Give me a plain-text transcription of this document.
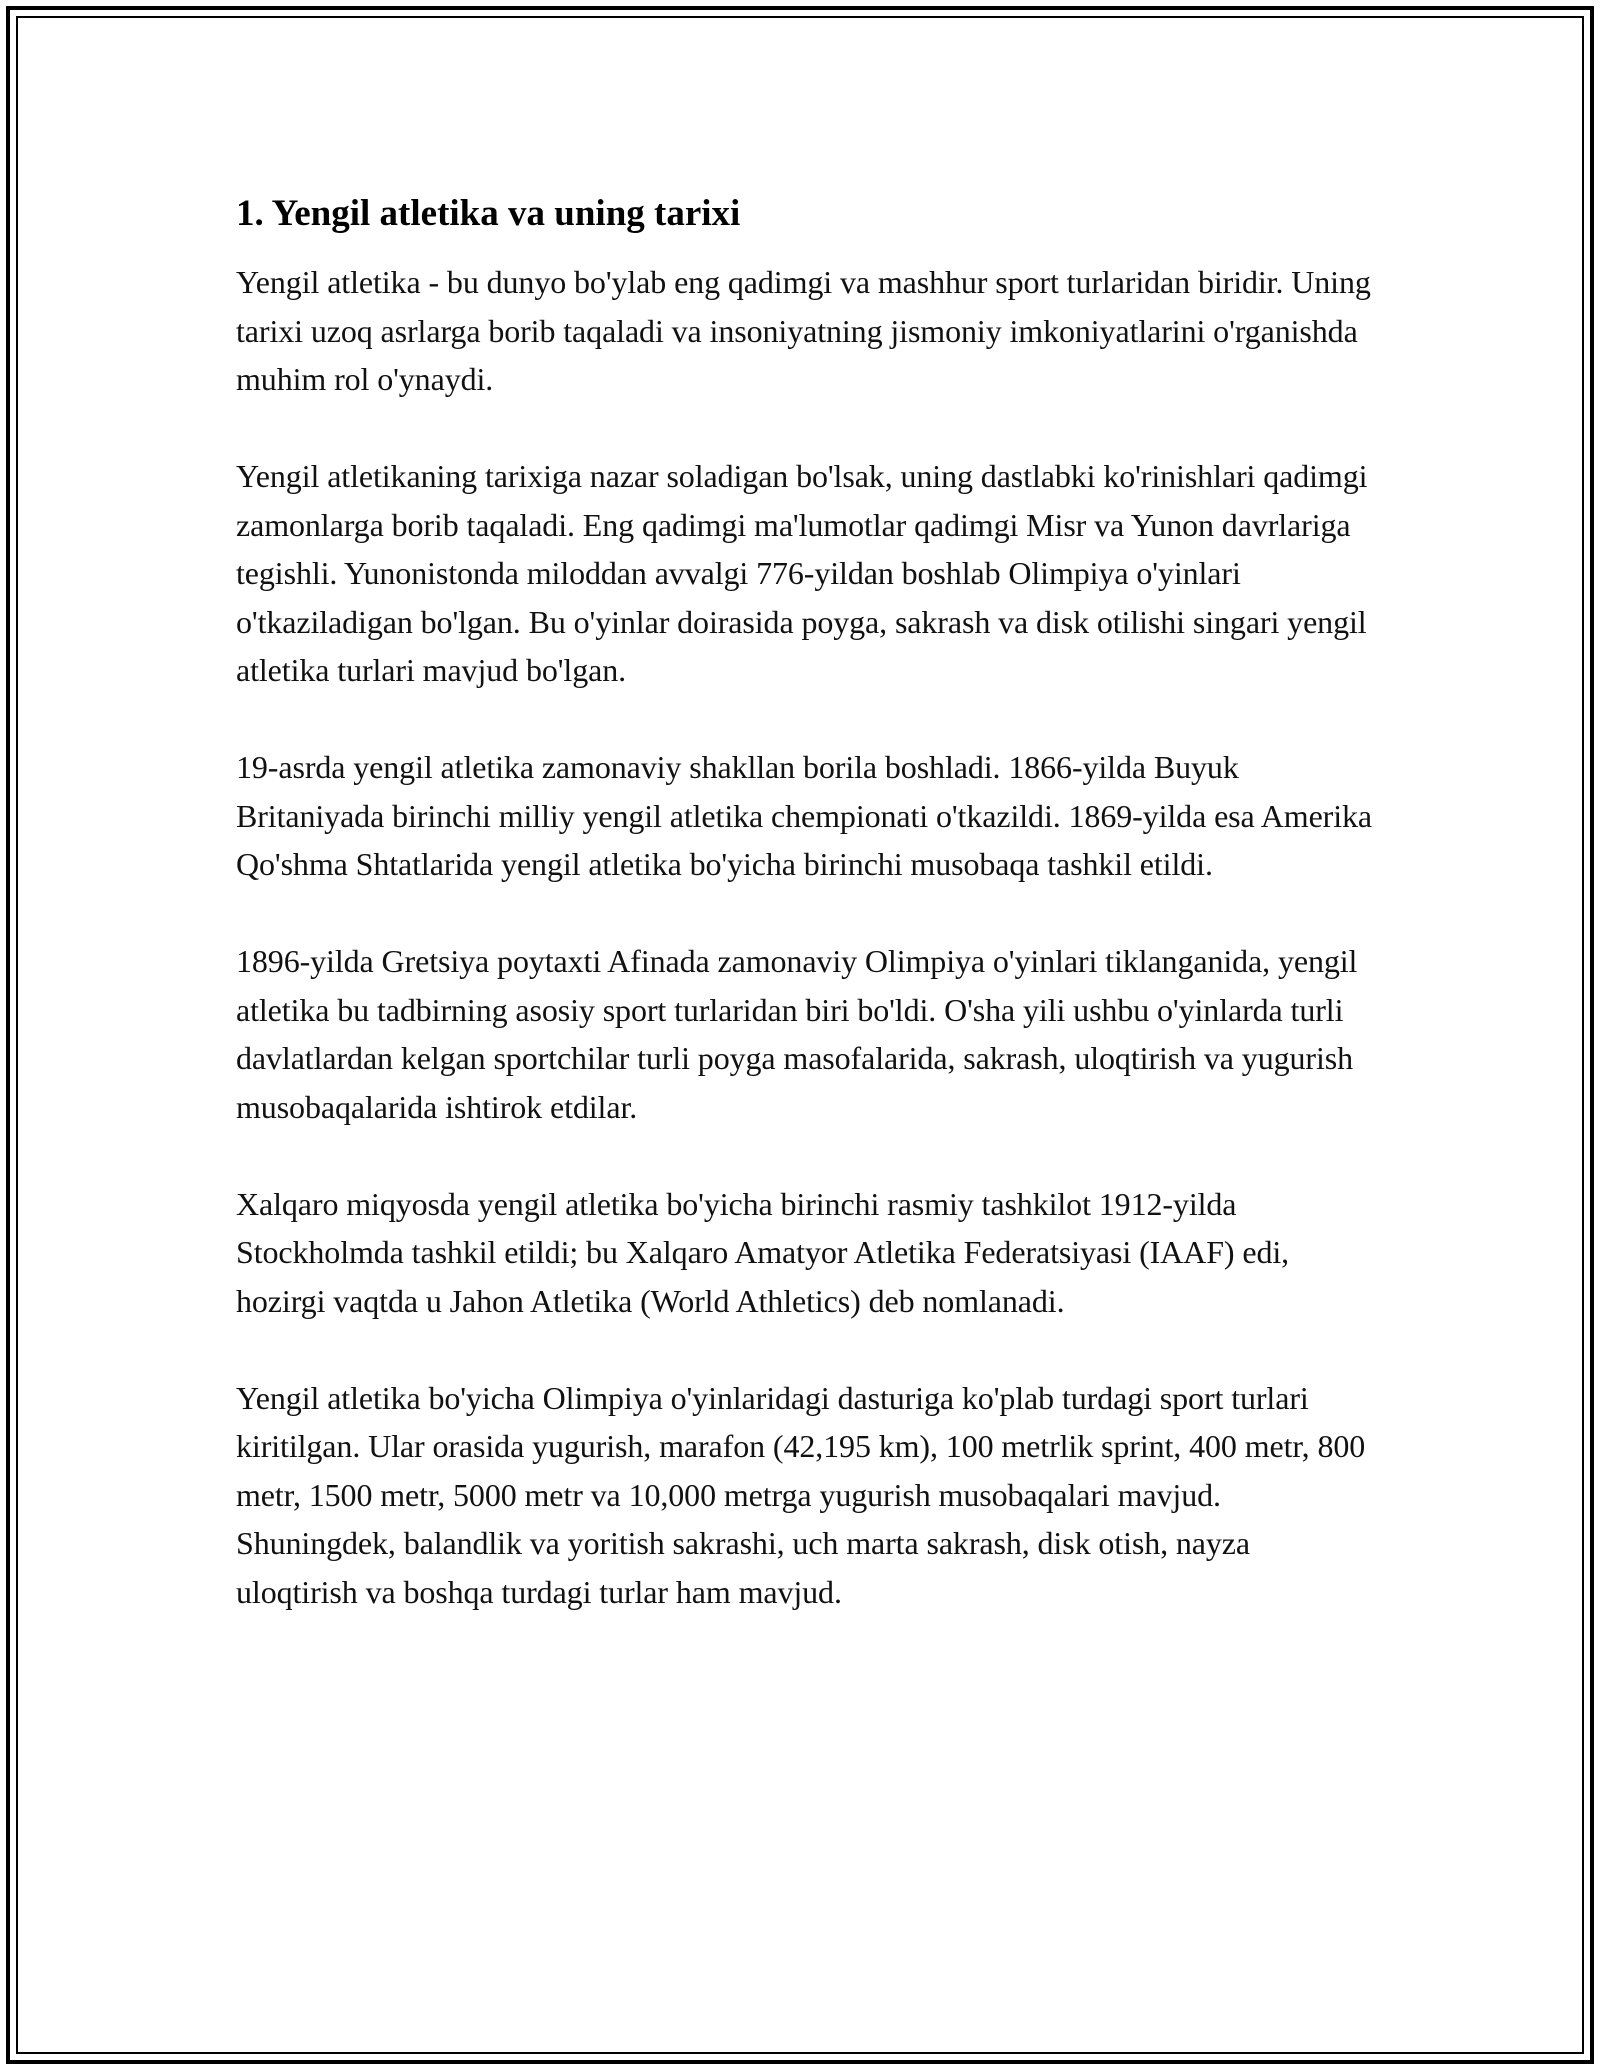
1. Yengil atletika va uning tarixi

Yengil atletika - bu dunyo bo'ylab eng qadimgi va mashhur sport turlaridan biridir. Uning tarixi uzoq asrlarga borib taqaladi va insoniyatning jismoniy imkoniyatlarini o'rganishda muhim rol o'ynaydi.

Yengil atletikaning tarixiga nazar soladigan bo'lsak, uning dastlabki ko'rinishlari qadimgi zamonlarga borib taqaladi. Eng qadimgi ma'lumotlar qadimgi Misr va Yunon davrlariga tegishli. Yunonistonda miloddan avvalgi 776-yildan boshlab Olimpiya o'yinlari o'tkaziladigan bo'lgan. Bu o'yinlar doirasida poyga, sakrash va disk otilishi singari yengil atletika turlari mavjud bo'lgan.

19-asrda yengil atletika zamonaviy shakllan borila boshladi. 1866-yilda Buyuk Britaniyada birinchi milliy yengil atletika chempionati o'tkazildi. 1869-yilda esa Amerika Qo'shma Shtatlarida yengil atletika bo'yicha birinchi musobaqa tashkil etildi.

1896-yilda Gretsiya poytaxti Afinada zamonaviy Olimpiya o'yinlari tiklanganida, yengil atletika bu tadbirning asosiy sport turlaridan biri bo'ldi. O'sha yili ushbu o'yinlarda turli davlatlardan kelgan sportchilar turli poyga masofalarida, sakrash, uloqtirish va yugurish musobaqalarida ishtirok etdilar.

Xalqaro miqyosda yengil atletika bo'yicha birinchi rasmiy tashkilot 1912-yilda Stockholmda tashkil etildi; bu Xalqaro Amatyor Atletika Federatsiyasi (IAAF) edi, hozirgi vaqtda u Jahon Atletika (World Athletics) deb nomlanadi.

Yengil atletika bo'yicha Olimpiya o'yinlaridagi dasturiga ko'plab turdagi sport turlari kiritilgan. Ular orasida yugurish, marafon (42,195 km), 100 metrlik sprint, 400 metr, 800 metr, 1500 metr, 5000 metr va 10,000 metrga yugurish musobaqalari mavjud. Shuningdek, balandlik va yoritish sakrashi, uch marta sakrash, disk otish, nayza uloqtirish va boshqa turdagi turlar ham mavjud.
